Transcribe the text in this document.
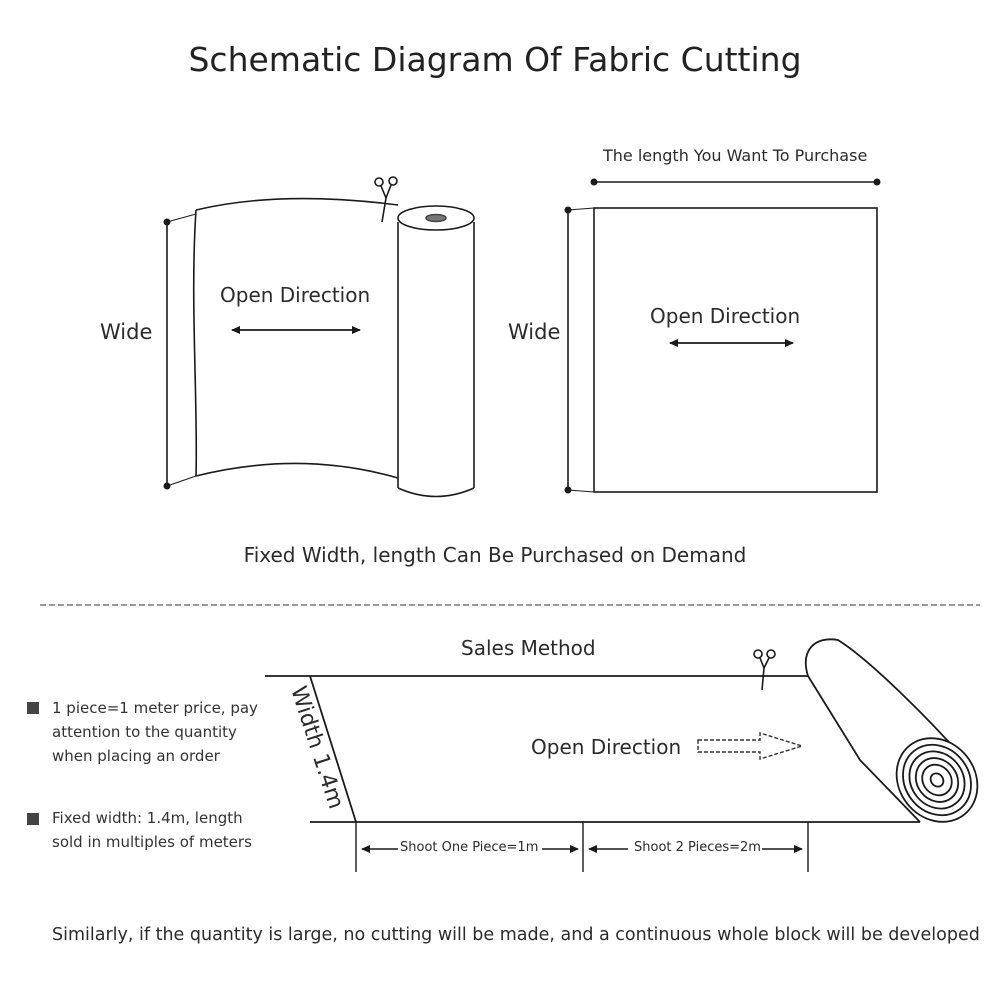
Schematic Diagram Of Fabric Cutting
The length You Want To Purchase
Wide	Wide
Open Direction
Open Direction
Fixed Width, length Can Be Purchased on Demand
Sales Method
Width 1.4m	Open Direction
Shoot One Piece=1m	Shoot 2 Pieces=2m
1 piece=1 meter price, pay attention to the quantity when placing an order
Fixed width: 1.4m, length sold in multiples of meters
Similarly, if the quantity is large, no cutting will be made, and a continuous whole block will be developed
